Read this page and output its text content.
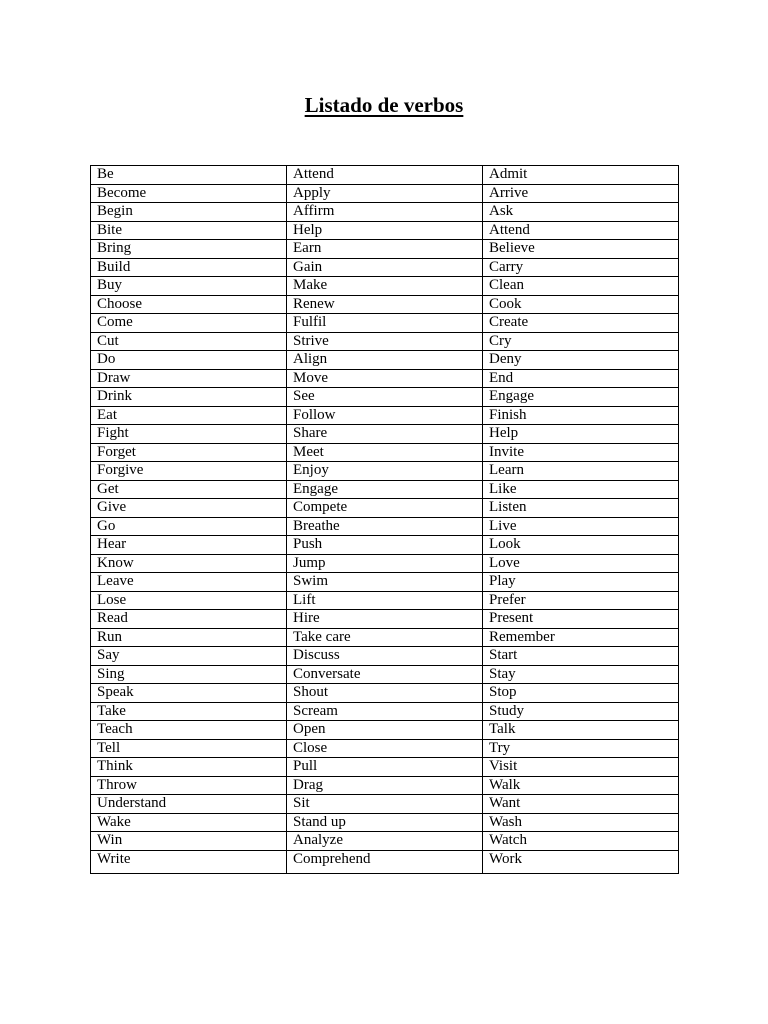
Listado de verbos
Be	Attend	Admit
Become	Apply	Arrive
Begin	Affirm	Ask
Bite	Help	Attend
Bring	Earn	Believe
Build	Gain	Carry
Buy	Make	Clean
Choose	Renew	Cook
Come	Fulfil	Create
Cut	Strive	Cry
Do	Align	Deny
Draw	Move	End
Drink	See	Engage
Eat	Follow	Finish
Fight	Share	Help
Forget	Meet	Invite
Forgive	Enjoy	Learn
Get	Engage	Like
Give	Compete	Listen
Go	Breathe	Live
Hear	Push	Look
Know	Jump	Love
Leave	Swim	Play
Lose	Lift	Prefer
Read	Hire	Present
Run	Take care	Remember
Say	Discuss	Start
Sing	Conversate	Stay
Speak	Shout	Stop
Take	Scream	Study
Teach	Open	Talk
Tell	Close	Try
Think	Pull	Visit
Throw	Drag	Walk
Understand	Sit	Want
Wake	Stand up	Wash
Win	Analyze	Watch
Write	Comprehend	Work
